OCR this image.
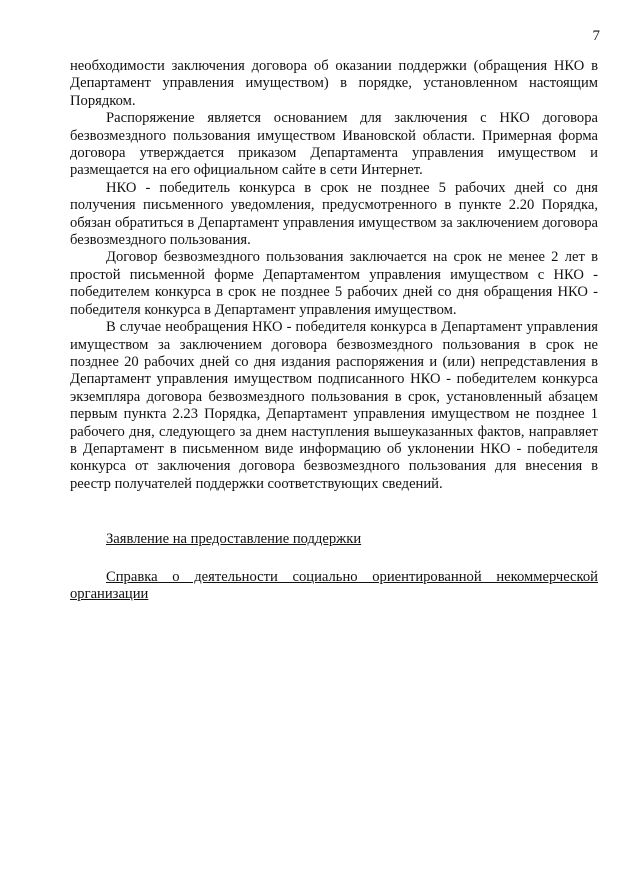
7

необходимости заключения договора об оказании поддержки (обращения НКО в Департамент управления имуществом) в порядке, установленном настоящим Порядком.

Распоряжение является основанием для заключения с НКО договора безвозмездного пользования имуществом Ивановской области. Примерная форма договора утверждается приказом Департамента управления имуществом и размещается на его официальном сайте в сети Интернет.

НКО - победитель конкурса в срок не позднее 5 рабочих дней со дня получения письменного уведомления, предусмотренного в пункте 2.20 Порядка, обязан обратиться в Департамент управления имуществом за заключением договора безвозмездного пользования.

Договор безвозмездного пользования заключается на срок не менее 2 лет в простой письменной форме Департаментом управления имуществом с НКО - победителем конкурса в срок не позднее 5 рабочих дней со дня обращения НКО - победителя конкурса в Департамент управления имуществом.

В случае необращения НКО - победителя конкурса в Департамент управления имуществом за заключением договора безвозмездного пользования в срок не позднее 20 рабочих дней со дня издания распоряжения и (или) непредставления в Департамент управления имуществом подписанного НКО - победителем конкурса экземпляра договора безвозмездного пользования в срок, установленный абзацем первым пункта 2.23 Порядка, Департамент управления имуществом не позднее 1 рабочего дня, следующего за днем наступления вышеуказанных фактов, направляет в Департамент в письменном виде информацию об уклонении НКО - победителя конкурса от заключения договора безвозмездного пользования для внесения в реестр получателей поддержки соответствующих сведений.

Заявление на предоставление поддержки
Справка о деятельности социально ориентированной некоммерческой организации
